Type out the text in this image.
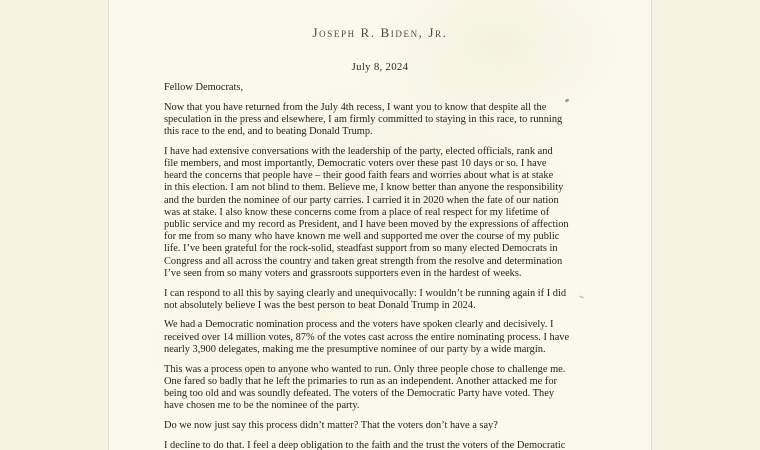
Joseph R. Biden, Jr.
July 8, 2024

Fellow Democrats,

Now that you have returned from the July 4th recess, I want you to know that despite all the
speculation in the press and elsewhere, I am firmly committed to staying in this race, to running
this race to the end, and to beating Donald Trump.

I have had extensive conversations with the leadership of the party, elected officials, rank and
file members, and most importantly, Democratic voters over these past 10 days or so. I have
heard the concerns that people have – their good faith fears and worries about what is at stake
in this election. I am not blind to them. Believe me, I know better than anyone the responsibility
and the burden the nominee of our party carries. I carried it in 2020 when the fate of our nation
was at stake. I also know these concerns come from a place of real respect for my lifetime of
public service and my record as President, and I have been moved by the expressions of affection
for me from so many who have known me well and supported me over the course of my public
life. I’ve been grateful for the rock-solid, steadfast support from so many elected Democrats in
Congress and all across the country and taken great strength from the resolve and determination
I’ve seen from so many voters and grassroots supporters even in the hardest of weeks.

I can respond to all this by saying clearly and unequivocally: I wouldn’t be running again if I did
not absolutely believe I was the best person to beat Donald Trump in 2024.

We had a Democratic nomination process and the voters have spoken clearly and decisively. I
received over 14 million votes, 87% of the votes cast across the entire nominating process. I have
nearly 3,900 delegates, making me the presumptive nominee of our party by a wide margin.

This was a process open to anyone who wanted to run. Only three people chose to challenge me.
One fared so badly that he left the primaries to run as an independent. Another attacked me for
being too old and was soundly defeated. The voters of the Democratic Party have voted. They
have chosen me to be the nominee of the party.

Do we now just say this process didn’t matter? That the voters don’t have a say?

I decline to do that. I feel a deep obligation to the faith and the trust the voters of the Democratic
